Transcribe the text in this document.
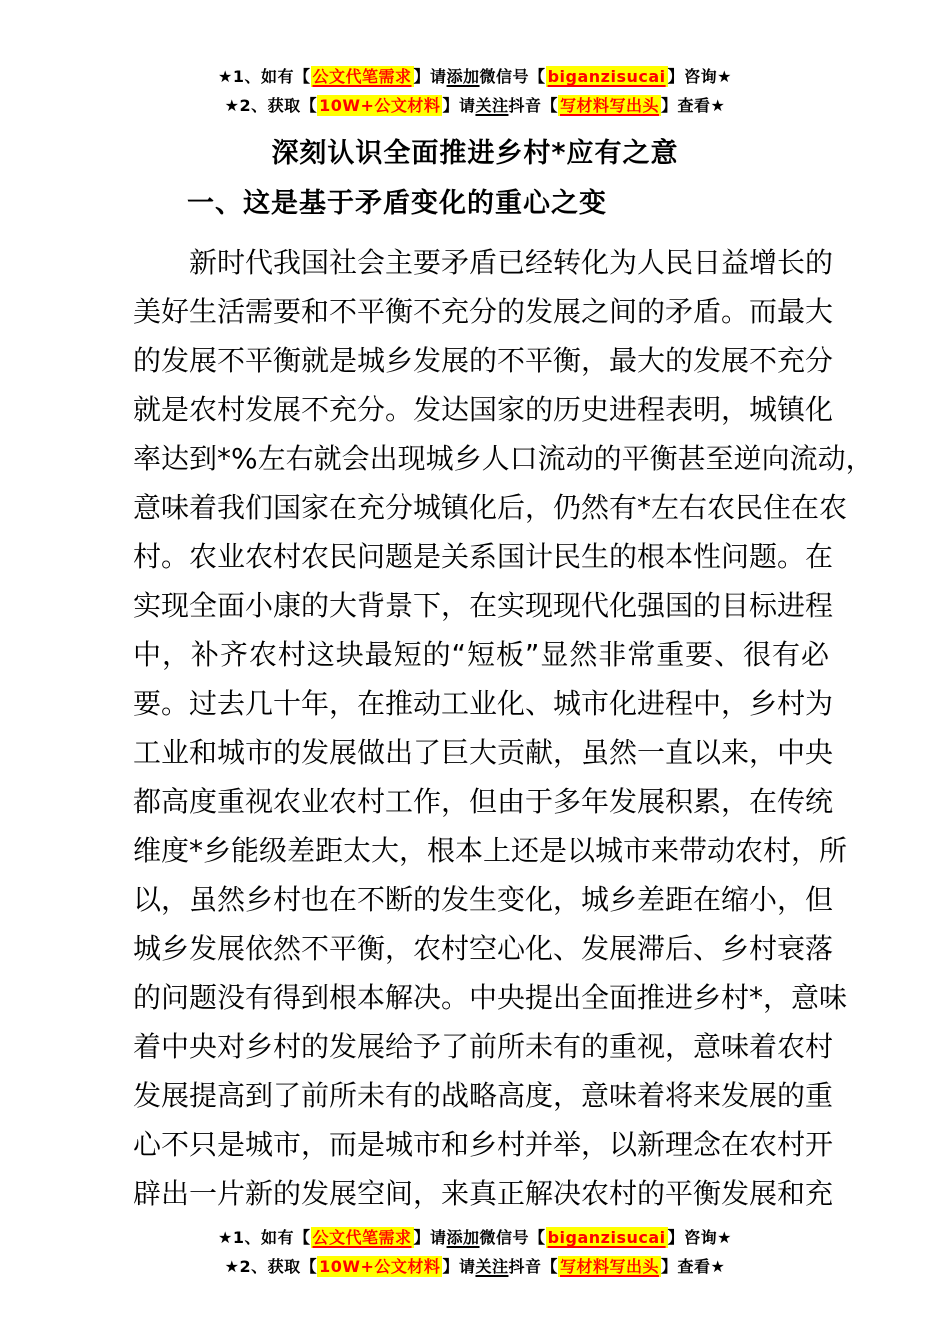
★1、如有【 公文代笔需求 】请添加微信号【 biganzisucai 】咨询★
★2、获取【 10W+公文材料 】请关注抖音【 写材料写出头 】查看★
深刻认识全面推进乡村*应有之意
一、这是基于矛盾变化的重心之变
新时代我国社会主要矛盾已经转化为人民日益增长的
美好生活需要和不平衡不充分的发展之间的矛盾。而最大
的发展不平衡就是城乡发展的不平衡，最大的发展不充分
就是农村发展不充分。发达国家的历史进程表明，城镇化
率达到*%左右就会出现城乡人口流动的平衡甚至逆向流动，
意味着我们国家在充分城镇化后，仍然有*左右农民住在农
村。农业农村农民问题是关系国计民生的根本性问题。在
实现全面小康的大背景下，在实现现代化强国的目标进程
中，补齐农村这块最短的“短板”显然非常重要、很有必
要。过去几十年，在推动工业化、城市化进程中，乡村为
工业和城市的发展做出了巨大贡献，虽然一直以来，中央
都高度重视农业农村工作，但由于多年发展积累，在传统
维度*乡能级差距太大，根本上还是以城市来带动农村，所
以，虽然乡村也在不断的发生变化，城乡差距在缩小，但
城乡发展依然不平衡，农村空心化、发展滞后、乡村衰落
的问题没有得到根本解决。中央提出全面推进乡村*，意味
着中央对乡村的发展给予了前所未有的重视，意味着农村
发展提高到了前所未有的战略高度，意味着将来发展的重
心不只是城市，而是城市和乡村并举，以新理念在农村开
辟出一片新的发展空间，来真正解决农村的平衡发展和充
★1、如有【 公文代笔需求 】请添加微信号【 biganzisucai 】咨询★
★2、获取【 10W+公文材料 】请关注抖音【 写材料写出头 】查看★
